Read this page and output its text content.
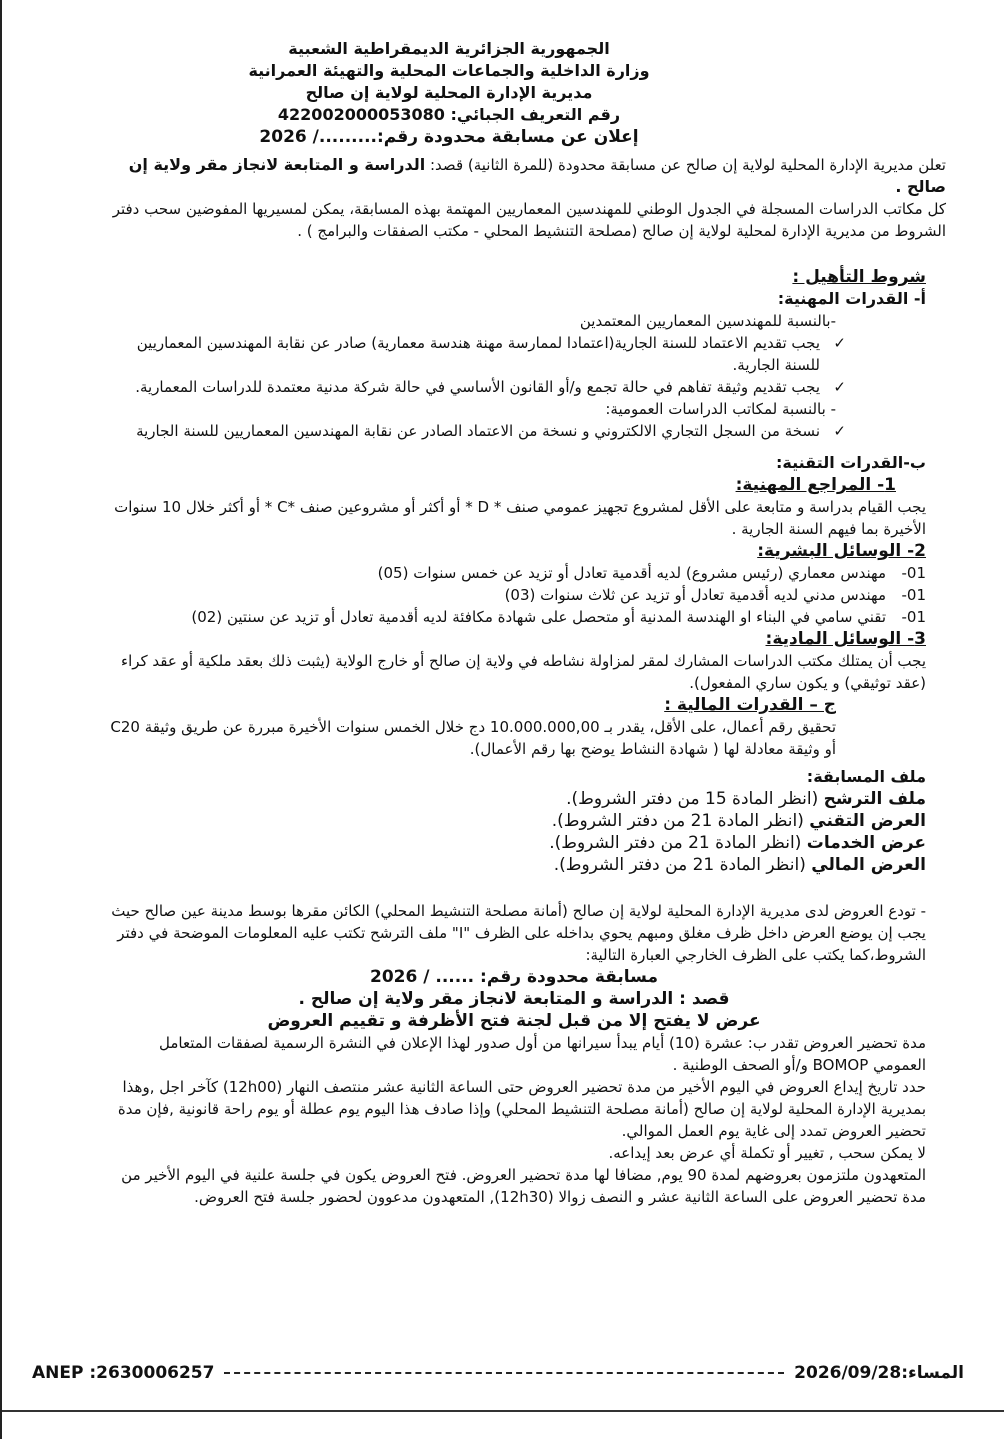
الجمهورية الجزائرية الديمقراطية الشعبية
وزارة الداخلية والجماعات المحلية والتهيئة العمرانية
مديرية الإدارة المحلية لولاية إن صالح
رقم التعريف الجبائي: 422002000053080
إعلان عن مسابقة محدودة رقم:........./ 2026

تعلن مديرية الإدارة المحلية لولاية إن صالح عن مسابقة محدودة (للمرة الثانية) قصد: الدراسة و المتابعة لانجاز مقر ولاية إن صالح .

كل مكاتب الدراسات المسجلة في الجدول الوطني للمهندسين المعماريين المهتمة بهذه المسابقة، يمكن لمسيريها المفوضين سحب دفتر الشروط من مديرية الإدارة لمحلية لولاية إن صالح (مصلحة التنشيط المحلي - مكتب الصفقات والبرامج ) .

شروط التأهيل :

أ- القدرات المهنية:

-بالنسبة للمهندسين المعماريين المعتمدين

✓
يجب تقديم الاعتماد للسنة الجارية(اعتمادا لممارسة مهنة هندسة معمارية) صادر عن نقابة المهندسين المعماريين للسنة الجارية.
✓
يجب تقديم وثيقة تفاهم في حالة تجمع و/أو القانون الأساسي في حالة شركة مدنية معتمدة للدراسات المعمارية.

- بالنسبة لمكاتب الدراسات العمومية:

✓
نسخة من السجل التجاري الالكتروني و نسخة من الاعتماد الصادر عن نقابة المهندسين المعماريين للسنة الجارية

ب-القدرات التقنية:

1- المراجع المهنية:

يجب القيام بدراسة و متابعة على الأقل لمشروع تجهيز عمومي صنف * D * أو أكثر أو مشروعين صنف *C * أو أكثر خلال 10 سنوات الأخيرة بما فيهم السنة الجارية .

2- الوسائل البشرية:

01-
مهندس معماري (رئيس مشروع) لديه أقدمية تعادل أو تزيد عن خمس سنوات (05)
01-
مهندس مدني لديه أقدمية تعادل أو تزيد عن ثلاث سنوات (03)
01-
تقني سامي في البناء او الهندسة المدنية أو متحصل على شهادة مكافئة لديه أقدمية تعادل أو تزيد عن سنتين (02)

3- الوسائل المادية:

يجب أن يمتلك مكتب الدراسات المشارك لمقر لمزاولة نشاطه في ولاية إن صالح أو خارج الولاية (يثبت ذلك بعقد ملكية أو عقد كراء (عقد توثيقي) و يكون ساري المفعول).

ج – القدرات المالية :

تحقيق رقم أعمال، على الأقل، يقدر بـ 10.000.000,00 دج خلال الخمس سنوات الأخيرة مبررة عن طريق وثيقة C20 أو وثيقة معادلة لها ( شهادة النشاط يوضح بها رقم الأعمال).

ملف المسابقة:

ملف الترشح (انظر المادة 15 من دفتر الشروط).

العرض التقني (انظر المادة 21 من دفتر الشروط).

عرض الخدمات (انظر المادة 21 من دفتر الشروط).

العرض المالي (انظر المادة 21 من دفتر الشروط).

- تودع العروض لدى مديرية الإدارة المحلية لولاية إن صالح (أمانة مصلحة التنشيط المحلي) الكائن مقرها بوسط مدينة عين صالح حيث يجب إن يوضع العرض داخل ظرف مغلق ومبهم يحوي بداخله على الظرف "I" ملف الترشح تكتب عليه المعلومات الموضحة في دفتر الشروط،كما يكتب على الظرف الخارجي العبارة التالية:

مسابقة محدودة رقم: ...... / 2026

قصد : الدراسة و المتابعة لانجاز مقر ولاية إن صالح .

عرض لا يفتح إلا من قبل لجنة فتح الأظرفة و تقييم العروض

مدة تحضير العروض تقدر ب: عشرة (10) أيام يبدأ سيرانها من أول صدور لهذا الإعلان في النشرة الرسمية لصفقات المتعامل العمومي BOMOP و/أو الصحف الوطنية .

حدد تاريخ إيداع العروض في اليوم الأخير من مدة تحضير العروض حتى الساعة الثانية عشر منتصف النهار (12h00) كآخر اجل ,وهذا بمديرية الإدارة المحلية لولاية إن صالح (أمانة مصلحة التنشيط المحلي) وإذا صادف هذا اليوم يوم عطلة أو يوم راحة قانونية ,فإن مدة تحضير العروض تمدد إلى غاية يوم العمل الموالي.

لا يمكن سحب , تغيير أو تكملة أي عرض بعد إيداعه.

المتعهدون ملتزمون بعروضهم لمدة 90 يوم, مضافا لها مدة تحضير العروض. فتح العروض يكون في جلسة علنية في اليوم الأخير من مدة تحضير العروض على الساعة الثانية عشر و النصف زوالا (12h30), المتعهدون مدعوون لحضور جلسة فتح العروض.

ANEP :2630006257	2026/09/28 :المساء
